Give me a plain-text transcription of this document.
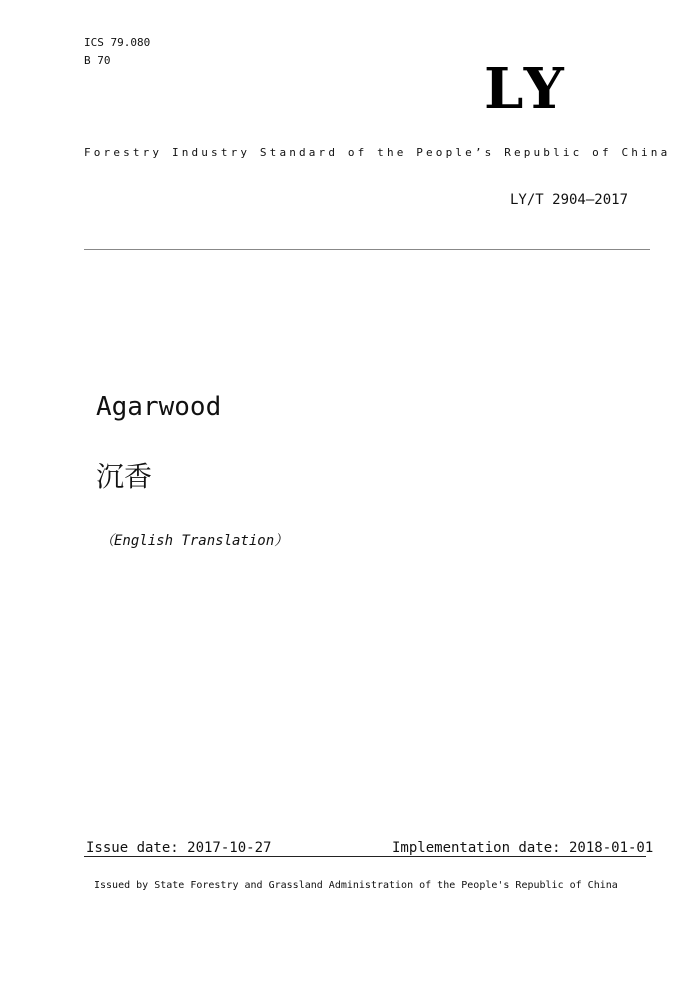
ICS 79.080
B 70	LY
Forestry Industry Standard of the People’s Republic of China
LY/T 2904—2017
Agarwood
沉香
（English Translation）
Issue date: 2017-10-27	Implementation date: 2018-01-01
Issued by State Forestry and Grassland Administration of the People's Republic of China
